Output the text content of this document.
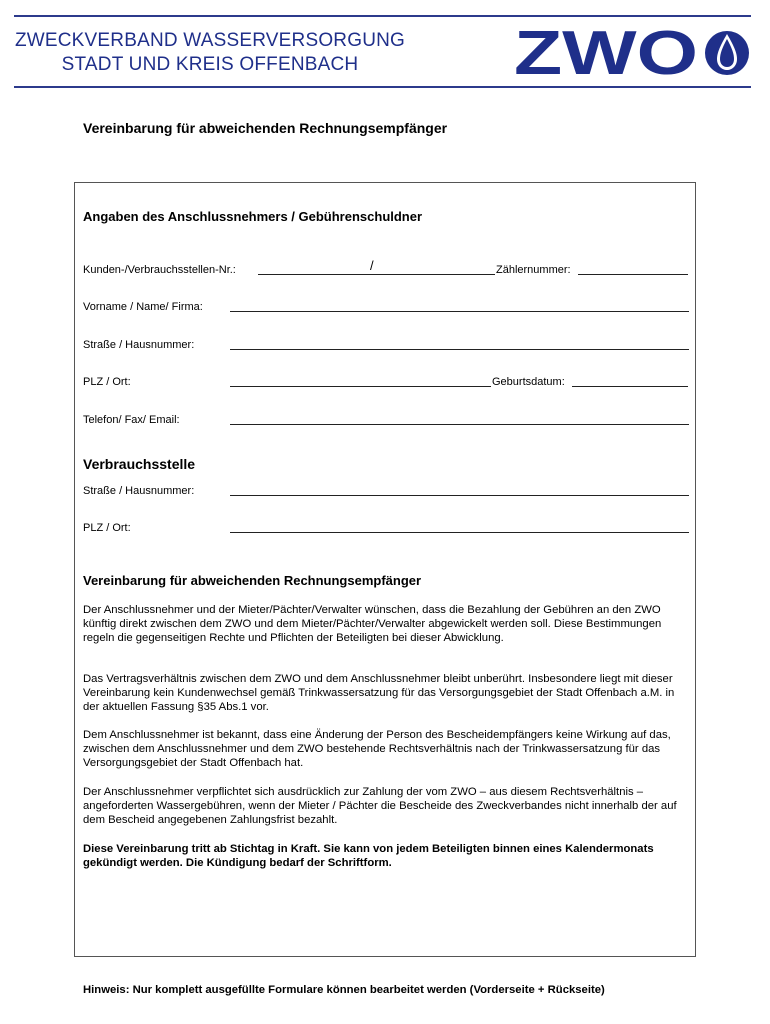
ZWECKVERBAND WASSERVERSORGUNG
STADT UND KREIS OFFENBACH	ZWO
Vereinbarung für abweichenden Rechnungsempfänger
Angaben des Anschlussnehmers / Gebührenschuldner
Kunden-/Verbrauchsstellen-Nr.:	/	Zählernummer:
Vorname / Name/ Firma:
Straße / Hausnummer:
PLZ / Ort:	Geburtsdatum:
Telefon/ Fax/ Email:
Verbrauchsstelle
Straße / Hausnummer:
PLZ / Ort:
Vereinbarung für abweichenden Rechnungsempfänger
Der Anschlussnehmer und der Mieter/Pächter/Verwalter wünschen, dass die Bezahlung der Gebühren an den ZWO künftig direkt zwischen dem ZWO und dem Mieter/Pächter/Verwalter abgewickelt werden soll. Diese Bestimmungen regeln die gegenseitigen Rechte und Pflichten der Beteiligten bei dieser Abwicklung.
Das Vertragsverhältnis zwischen dem ZWO und dem Anschlussnehmer bleibt unberührt. Insbesondere liegt mit dieser Vereinbarung kein Kundenwechsel gemäß Trinkwassersatzung für das Versorgungsgebiet der Stadt Offenbach a.M. in der aktuellen Fassung §35 Abs.1 vor.
Dem Anschlussnehmer ist bekannt, dass eine Änderung der Person des Bescheidempfängers keine Wirkung auf das, zwischen dem Anschlussnehmer und dem ZWO bestehende Rechtsverhältnis nach der Trinkwassersatzung für das Versorgungsgebiet der Stadt Offenbach hat.
Der Anschlussnehmer verpflichtet sich ausdrücklich zur Zahlung der vom ZWO – aus diesem Rechtsverhältnis – angeforderten Wassergebühren, wenn der Mieter / Pächter die Bescheide des Zweckverbandes nicht innerhalb der auf dem Bescheid angegebenen Zahlungsfrist bezahlt.
Diese Vereinbarung tritt ab Stichtag in Kraft. Sie kann von jedem Beteiligten binnen eines Kalendermonats gekündigt werden. Die Kündigung bedarf der Schriftform.
Hinweis: Nur komplett ausgefüllte Formulare können bearbeitet werden (Vorderseite + Rückseite)
